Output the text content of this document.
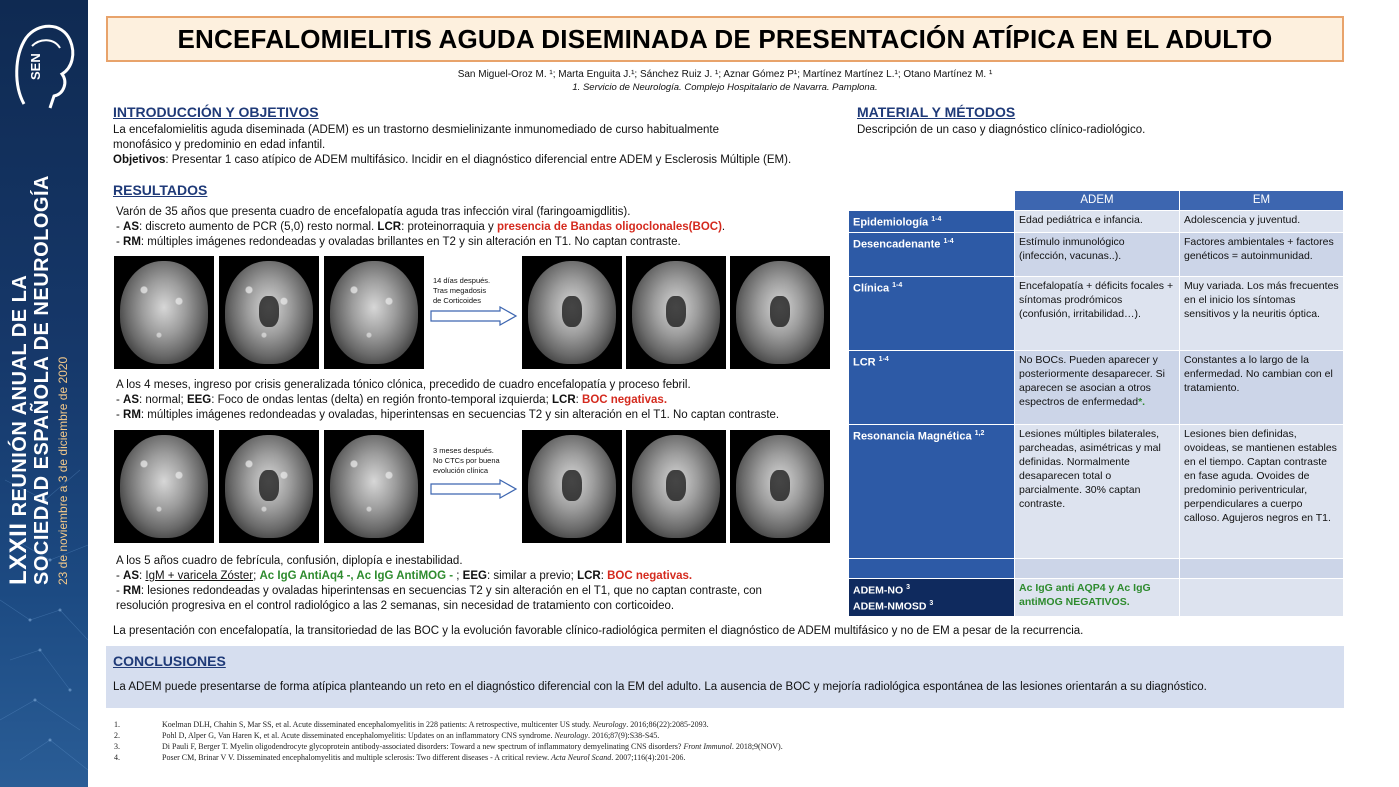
SEN
LXXII REUNIÓN ANUAL DE LA SOCIEDAD ESPAÑOLA DE NEUROLOGÍA 23 de noviembre a 3 de diciembre de 2020
ENCEFALOMIELITIS AGUDA DISEMINADA DE PRESENTACIÓN ATÍPICA EN EL ADULTO
San Miguel-Oroz M. ¹; Marta Enguita J.¹; Sánchez Ruiz J. ¹; Aznar Gómez P¹; Martínez Martínez L.¹; Otano Martínez M. ¹
1. Servicio de Neurología. Complejo Hospitalario de Navarra. Pamplona.
INTRODUCCIÓN Y OBJETIVOS
La encefalomielitis aguda diseminada (ADEM) es un trastorno desmielinizante inmunomediado de curso habitualmente
monofásico y predominio en edad infantil.
Objetivos: Presentar 1 caso atípico de ADEM multifásico. Incidir en el diagnóstico diferencial entre ADEM y Esclerosis Múltiple (EM).
MATERIAL Y MÉTODOS
Descripción de un caso y diagnóstico clínico-radiológico.
RESULTADOS
Varón de 35 años que presenta cuadro de encefalopatía aguda tras infección viral (faringoamigdlitis).
- AS: discreto aumento de PCR (5,0) resto normal. LCR: proteinorraquia y presencia de Bandas oligoclonales(BOC).
- RM: múltiples imágenes redondeadas y ovaladas brillantes en T2 y sin alteración en T1. No captan contraste.
14 días después.
Tras megadosis
de Corticoides
A los 4 meses, ingreso por crisis generalizada tónico clónica, precedido de cuadro encefalopatía y proceso febril.
- AS: normal; EEG: Foco de ondas lentas (delta) en región fronto-temporal izquierda; LCR: BOC negativas.
- RM: múltiples imágenes redondeadas y ovaladas, hiperintensas en secuencias T2 y sin alteración en el T1. No captan contraste.
3 meses después.
No CTCs por buena
evolución clínica
A los 5 años cuadro de febrícula, confusión, diplopía e inestabilidad.
- AS: IgM + varicela Zóster; Ac IgG AntiAq4 -, Ac IgG AntiMOG - ; EEG: similar a previo; LCR: BOC negativas.
- RM: lesiones redondeadas y ovaladas hiperintensas en secuencias T2 y sin alteración en el T1, que no captan contraste, con
resolución progresiva en el control radiológico a las 2 semanas, sin necesidad de tratamiento con corticoideo.
La presentación con encefalopatía, la transitoriedad de las BOC y la evolución favorable clínico-radiológica permiten el diagnóstico de ADEM multifásico y no de EM a pesar de la recurrencia.
	ADEM	EM
Epidemiología $^{1-4}$	Edad pediátrica e infancia.	Adolescencia y juventud.
Desencadenante $^{1-4}$	Estímulo inmunológico (infección, vacunas..).	Factores ambientales + factores genéticos = autoinmunidad.
Clínica $^{1-4}$	Encefalopatía + déficits focales + síntomas prodrómicos (confusión, irritabilidad…).	Muy variada. Los más frecuentes en el inicio los síntomas sensitivos y la neuritis óptica.
LCR $^{1-4}$	No BOCs. Pueden aparecer y posteriormente desaparecer. Si aparecen se asocian a otros espectros de enfermedad*.	Constantes a lo largo de la enfermedad. No cambian con el tratamiento.
Resonancia Magnética $^{1,2}$	Lesiones múltiples bilaterales, parcheadas, asimétricas y mal definidas. Normalmente desaparecen total o parcialmente. 30% captan contraste.	Lesiones bien definidas, ovoideas, se mantienen estables en el tiempo. Captan contraste en fase aguda. Ovoides de predominio periventricular, perpendiculares a cuerpo calloso. Agujeros negros en T1.

ADEM-NO $^3$
ADEM-NMOSD $^3$	Ac IgG anti AQP4 y Ac IgG antiMOG NEGATIVOS.	
CONCLUSIONES
La ADEM puede presentarse de forma atípica planteando un reto en el diagnóstico diferencial con la EM del adulto. La ausencia de BOC y mejoría radiológica espontánea de las lesiones orientarán a su diagnóstico.
1.	Koelman DLH, Chahin S, Mar SS, et al. Acute disseminated encephalomyelitis in 228 patients: A retrospective, multicenter US study. Neurology. 2016;86(22):2085-2093.
2.	Pohl D, Alper G, Van Haren K, et al. Acute disseminated encephalomyelitis: Updates on an inflammatory CNS syndrome. Neurology. 2016;87(9):S38-S45.
3.	Di Pauli F, Berger T. Myelin oligodendrocyte glycoprotein antibody-associated disorders: Toward a new spectrum of inflammatory demyelinating CNS disorders? Front Immunol. 2018;9(NOV).
4.	Poser CM, Brinar V V. Disseminated encephalomyelitis and multiple sclerosis: Two different diseases - A critical review. Acta Neurol Scand. 2007;116(4):201-206.
